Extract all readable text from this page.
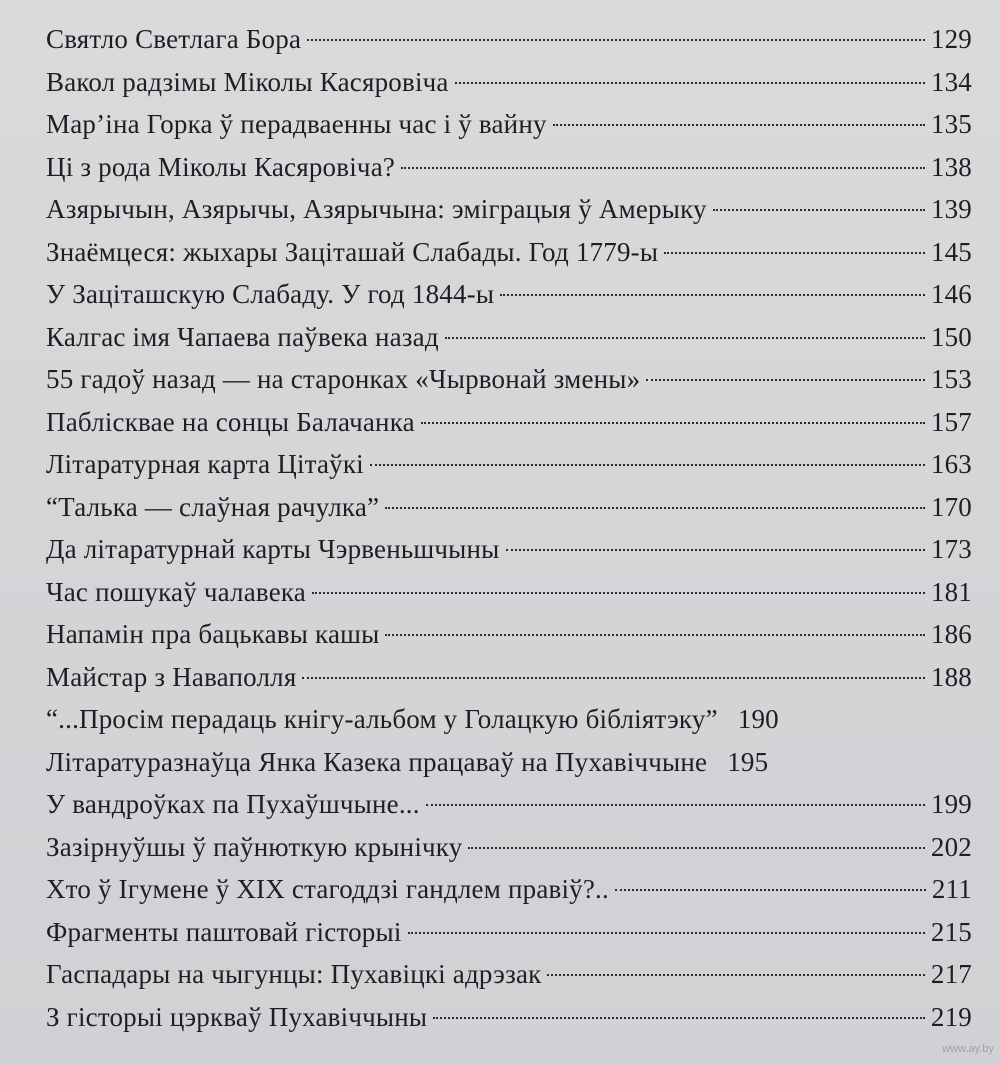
Святло Светлага Бора	129
Вакол радзімы Міколы Касяровіча	134
Мар’іна Горка ў перадваенны час і ў вайну	135
Ці з рода Міколы Касяровіча?	138
Азярычын, Азярычы, Азярычына: эміграцыя ў Амерыку	139
Знаёмцеся: жыхары Заціташай Слабады. Год 1779-ы	145
У Заціташскую Слабаду. У год 1844-ы	146
Калгас імя Чапаева паўвека назад	150
55 гадоў назад — на старонках «Чырвонай змены»	153
Паблісквае на сонцы Балачанка	157
Літаратурная карта Цітаўкі	163
“Талька — слаўная рачулка”	170
Да літаратурнай карты Чэрвеньшчыны	173
Час пошукаў чалавека	181
Напамін пра бацькавы кашы	186
Майстар з Наваполля	188
“...Просім перадаць кнігу-альбом у Голацкую бібліятэку” 190
Літаратуразнаўца Янка Казека працаваў на Пухавіччыне 195
У вандроўках па Пухаўшчыне...	199
Зазірнуўшы ў паўнюткую крынічку	202
Хто ў Ігумене ў XIX стагоддзі гандлем правіў?..	211
Фрагменты паштовай гісторыі	215
Гаспадары на чыгунцы: Пухавіцкі адрэзак	217
З гісторыі цэркваў Пухавіччыны	219
www.ay.by
